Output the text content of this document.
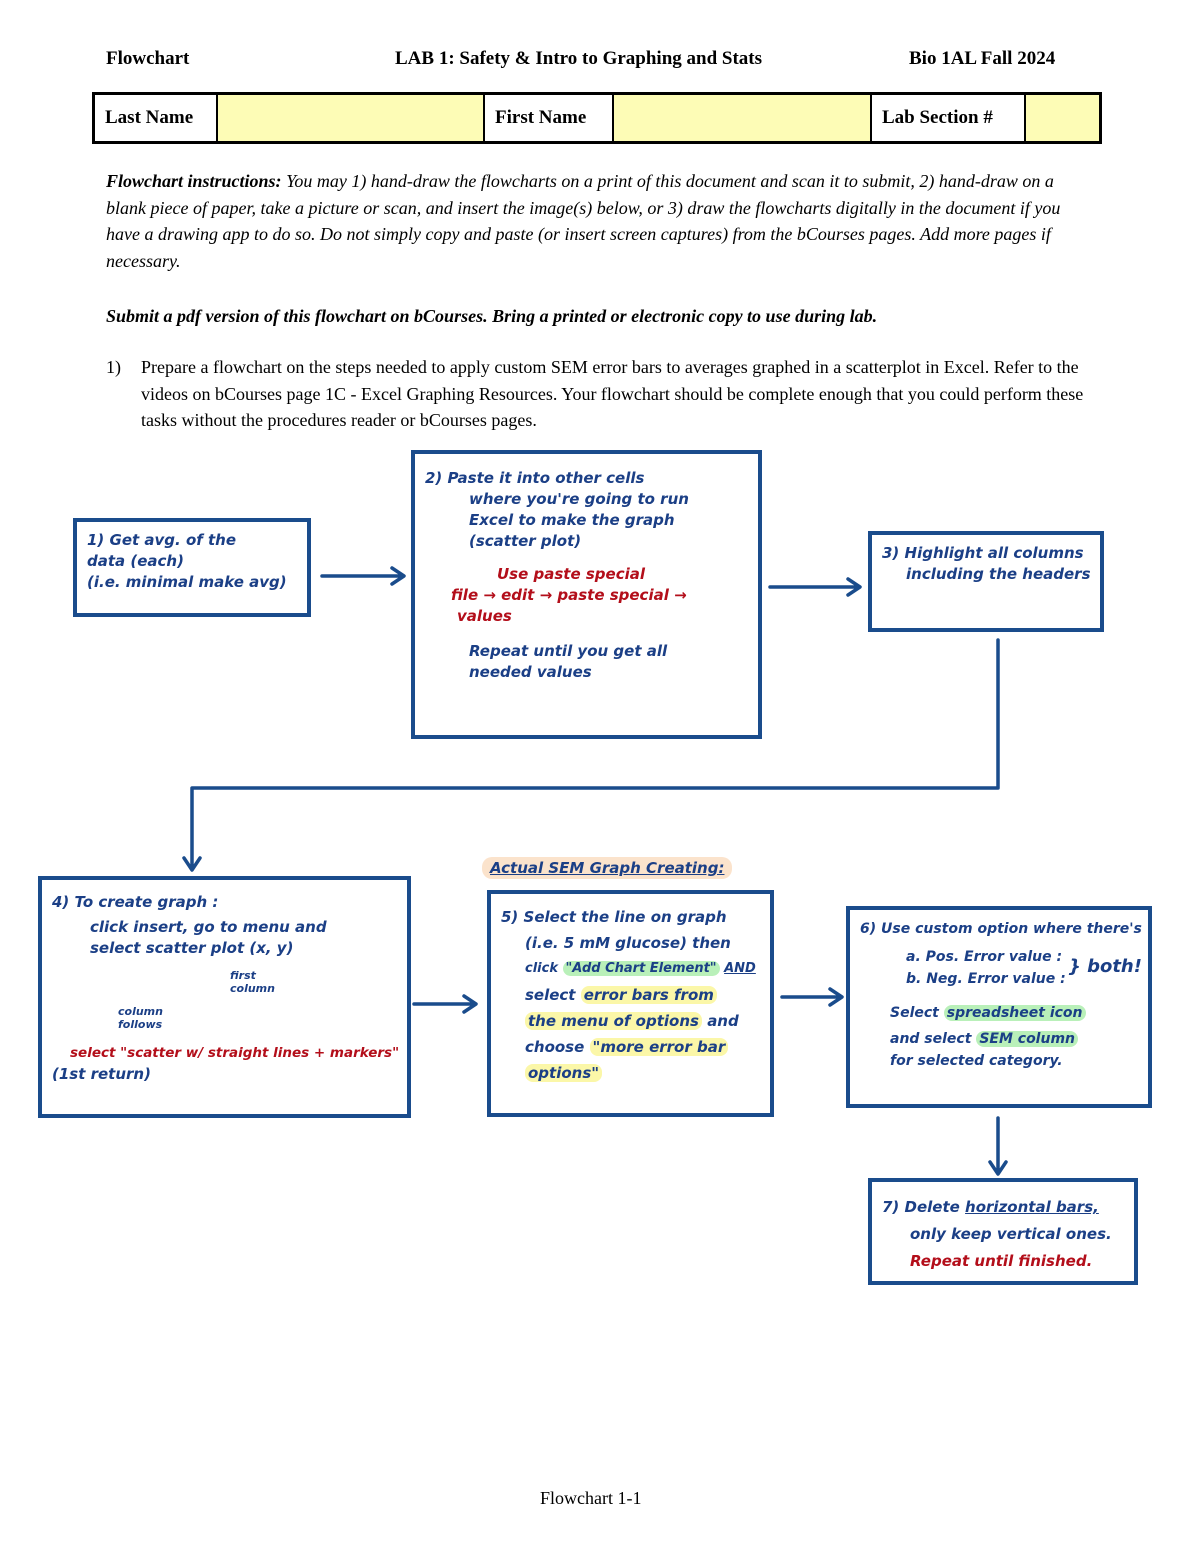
Flowchart	LAB 1: Safety & Intro to Graphing and Stats	Bio 1AL Fall 2024
Last Name		First Name		Lab Section #	
Flowchart instructions: You may 1) hand-draw the flowcharts on a print of this document and scan it to submit, 2) hand-draw on a blank piece of paper, take a picture or scan, and insert the image(s) below, or 3) draw the flowcharts digitally in the document if you have a drawing app to do so. Do not simply copy and paste (or insert screen captures) from the bCourses pages. Add more pages if necessary.
Submit a pdf version of this flowchart on bCourses. Bring a printed or electronic copy to use during lab.
1) Prepare a flowchart on the steps needed to apply custom SEM error bars to averages graphed in a scatterplot in Excel. Refer to the videos on bCourses page 1C - Excel Graphing Resources. Your flowchart should be complete enough that you could perform these tasks without the procedures reader or bCourses pages.
1) Get avg. of the
data (each)
(i.e. minimal make avg)
2) Paste it into other cells
where you're going to run
Excel to make the graph
(scatter plot)
Use paste special
file → edit → paste special →
values
Repeat until you get all
needed values
3) Highlight all columns
including the headers
4) To create graph :
click insert, go to menu and
select scatter plot (x, y)
first column column follows
select "scatter w/ straight lines + markers"
(1st return)
Actual SEM Graph Creating:
5) Select the line on graph
(i.e. 5 mM glucose) then
click "Add Chart Element" AND
select error bars from
the menu of options and
choose "more error bar
options"
6) Use custom option where there's
a. Pos. Error value :
b. Neg. Error value :
} both!
Select spreadsheet icon
and select SEM column
for selected category.
7) Delete horizontal bars,
only keep vertical ones.
Repeat until finished.
Flowchart 1-1
